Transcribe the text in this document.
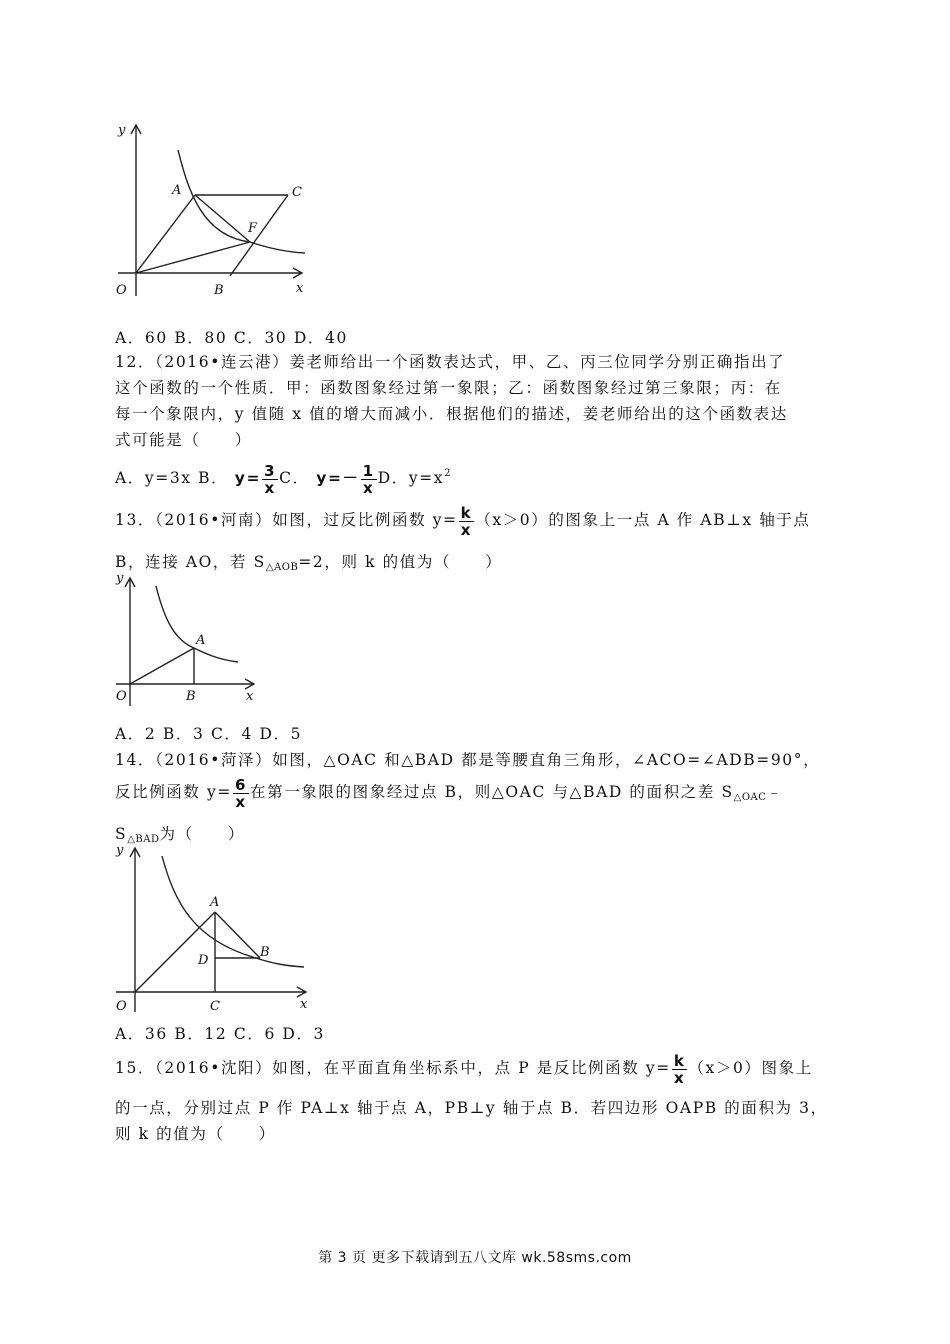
y
x
O
A
B
C
F
A．60 B．80 C．30 D．40
12．（2016•连云港）姜老师给出一个函数表达式，甲、乙、丙三位同学分别正确指出了
这个函数的一个性质．甲：函数图象经过第一象限；乙：函数图象经过第三象限；丙：在
每一个象限内，y 值随 x 值的增大而减小．根据他们的描述，姜老师给出的这个函数表达
式可能是（　　）
A．y=3x B． $y= \frac{3}{x}$ C． $y=- \frac{1}{x}$ D．$y=x^2$
13．（2016•河南）如图，过反比例函数 $y= \frac{k}{x} (x>0)$的图象上一点 A 作 AB⊥x 轴于点
B，连接 AO，若 $S_{\triangle AOB}=2$，则 k 的值为（　　）
y
x
O
A
B
A．2 B．3 C．4 D．5
14．（2016•菏泽）如图，△OAC 和△BAD 都是等腰直角三角形，∠ACO=∠ADB=90°，
反比例函数 $y= \frac{6}{x}$ 在第一象限的图象经过点 B，则△OAC 与△BAD 的面积之差 $S_{\triangle OAC}﹣$
$S_{\triangle BAD}$为（　　）
y
x
O
A
B
C
D
A．36 B．12 C．6 D．3
15．（2016•沈阳）如图，在平面直角坐标系中，点 P 是反比例函数 $y= \frac{k}{x} (x>0)$图象上
的一点，分别过点 P 作 PA⊥x 轴于点 A，PB⊥y 轴于点 B．若四边形 OAPB 的面积为 3，
则 k 的值为（　　）
第 3 页 更多下载请到五八文库 wk.58sms.com
